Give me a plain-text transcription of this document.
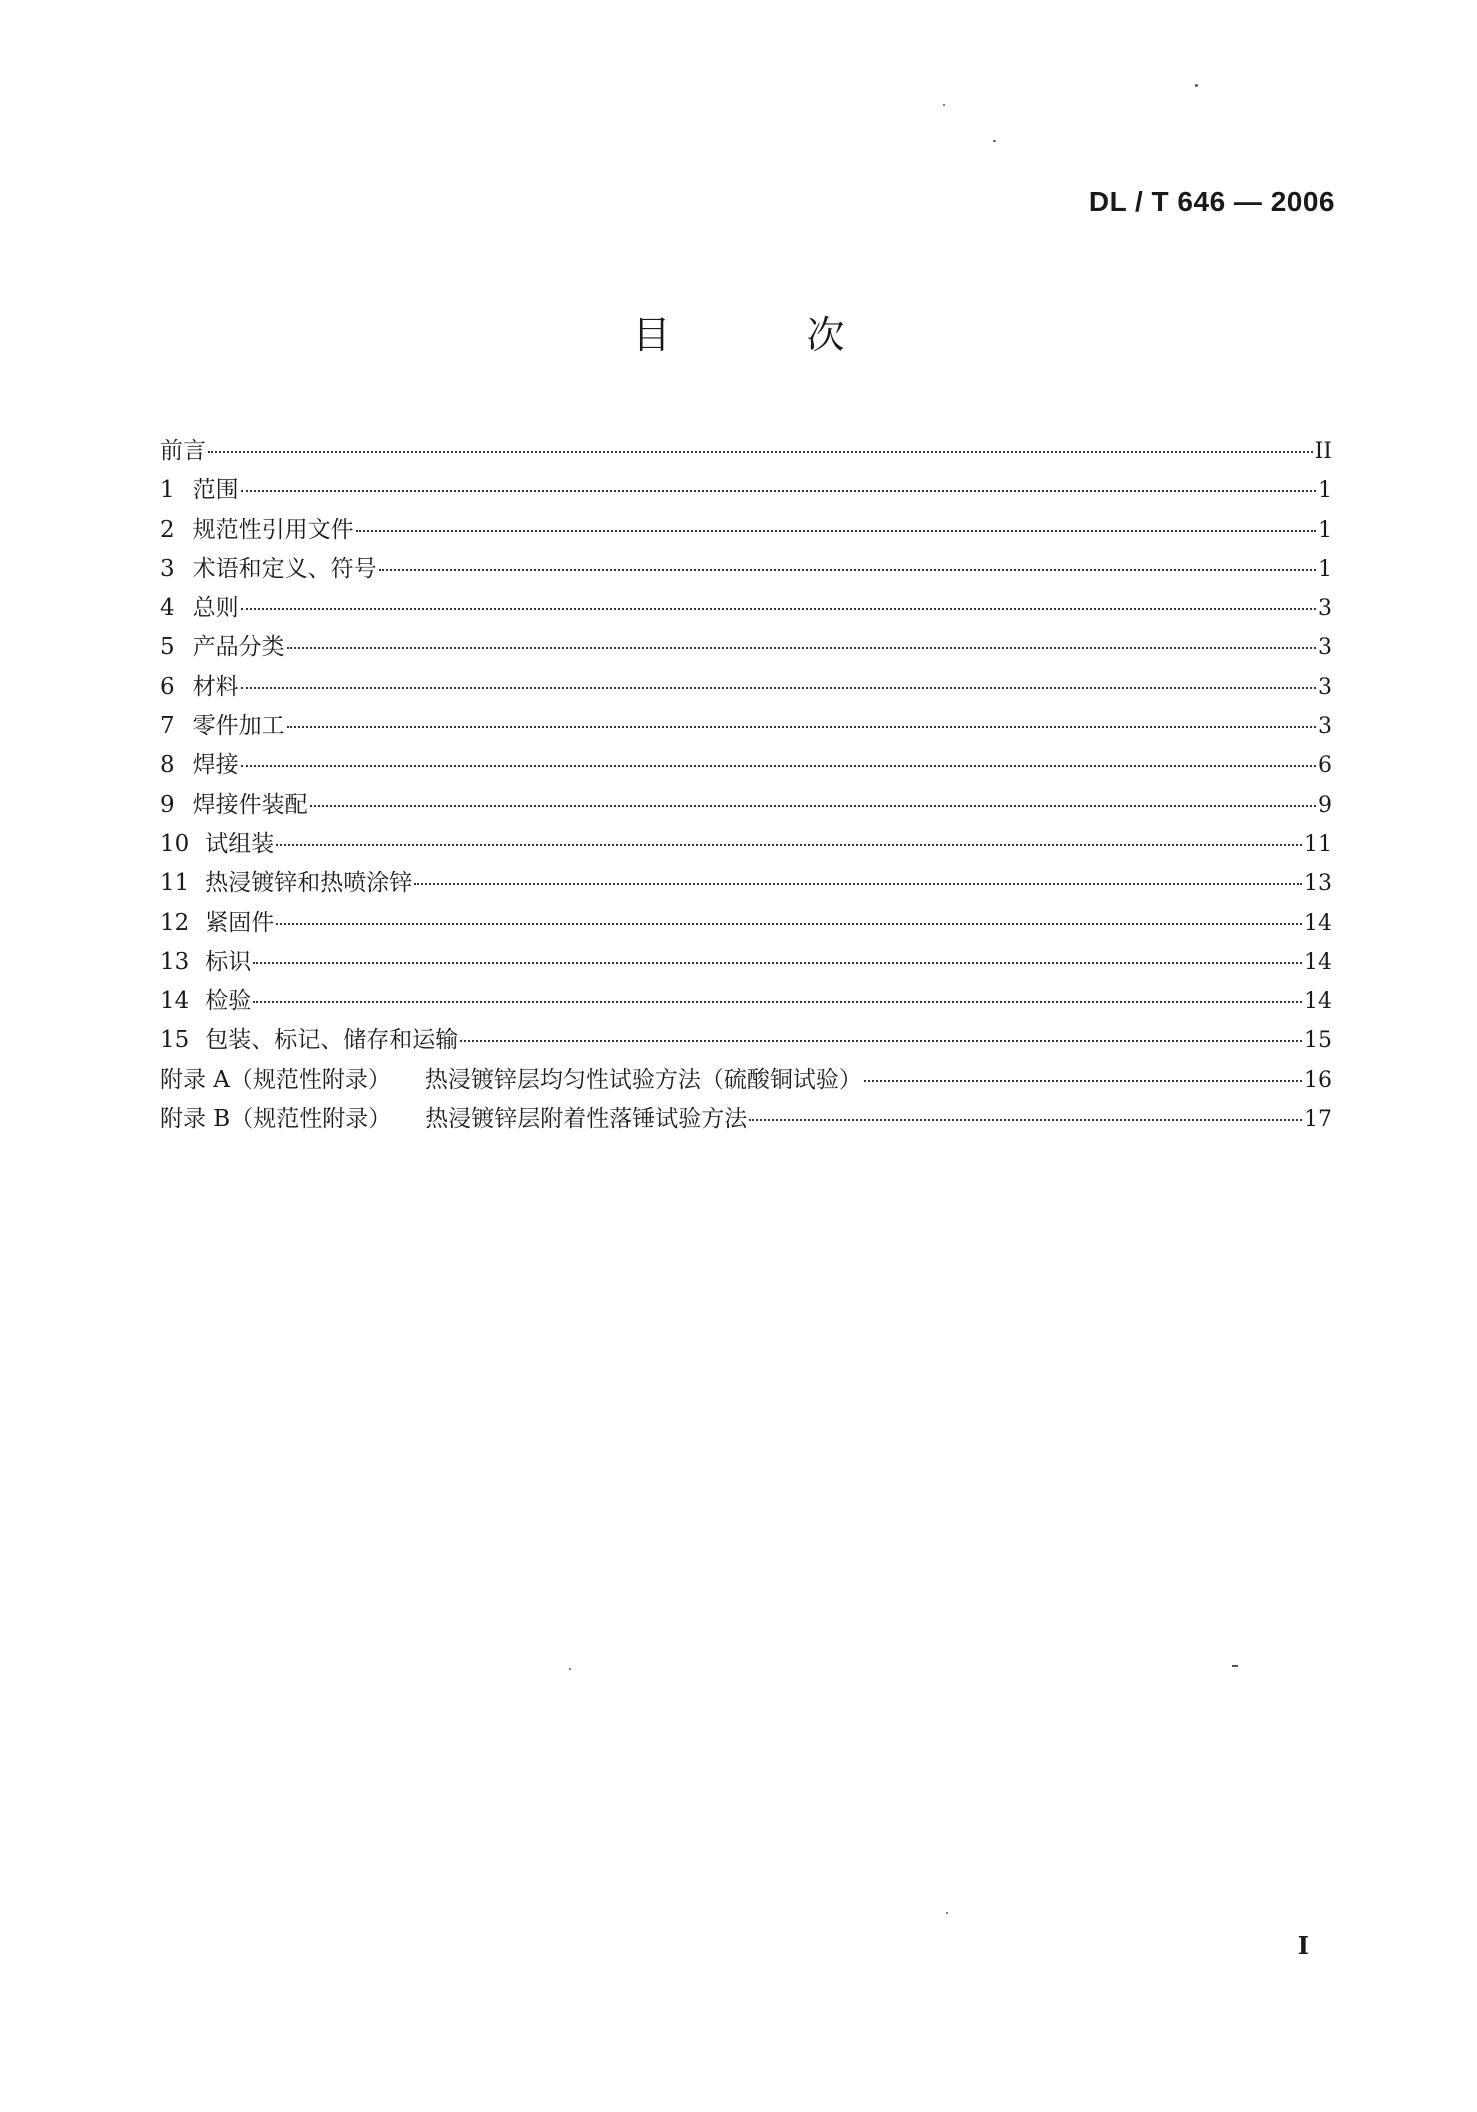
DL / T 646 — 2006
目 次
前言	II
1 范围	1
2 规范性引用文件	1
3 术语和定义、符号	1
4 总则	3
5 产品分类	3
6 材料	3
7 零件加工	3
8 焊接	6
9 焊接件装配	9
10 试组装	11
11 热浸镀锌和热喷涂锌	13
12 紧固件	14
13 标识	14
14 检验	14
15 包装、标记、储存和运输	15
附录 A（规范性附录） 热浸镀锌层均匀性试验方法（硫酸铜试验）	16
附录 B（规范性附录） 热浸镀锌层附着性落锤试验方法	17
I
